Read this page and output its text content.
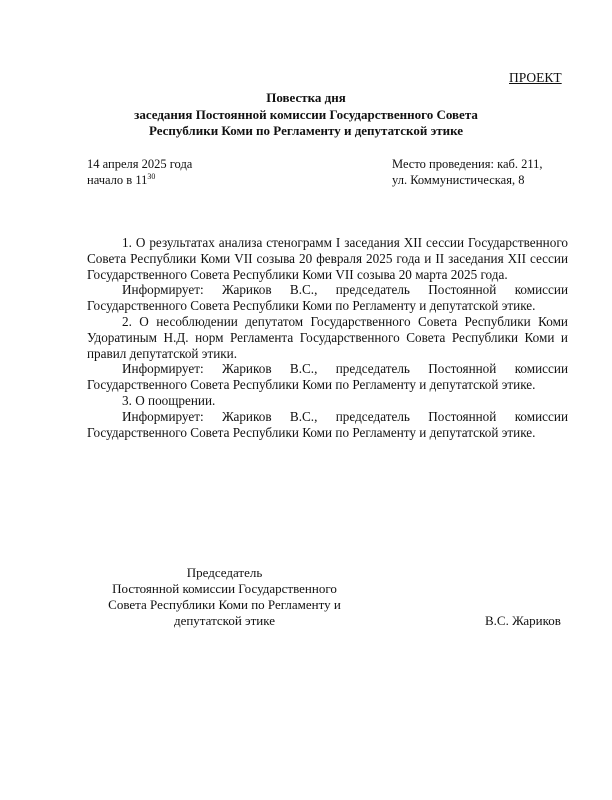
ПРОЕКТ
Повестка дня
заседания Постоянной комиссии Государственного Совета
Республики Коми по Регламенту и депутатской этике
14 апреля 2025 года
начало в $11^{30}$
Место проведения: каб. 211,
ул. Коммунистическая, 8

1. О результатах анализа стенограмм I заседания XII сессии Государственного Совета Республики Коми VII созыва 20 февраля 2025 года и II заседания XII сессии Государственного Совета Республики Коми VII созыва 20 марта 2025 года.

Информирует: Жариков В.С., председатель Постоянной комиссии Государственного Совета Республики Коми по Регламенту и депутатской этике.

2. О несоблюдении депутатом Государственного Совета Республики Коми Удоратиным Н.Д. норм Регламента Государственного Совета Республики Коми и правил депутатской этики.

Информирует: Жариков В.С., председатель Постоянной комиссии Государственного Совета Республики Коми по Регламенту и депутатской этике.

3. О поощрении.

Информирует: Жариков В.С., председатель Постоянной комиссии Государственного Совета Республики Коми по Регламенту и депутатской этике.

Председатель
Постоянной комиссии Государственного
Совета Республики Коми по Регламенту и
депутатской этике	В.С. Жариков
